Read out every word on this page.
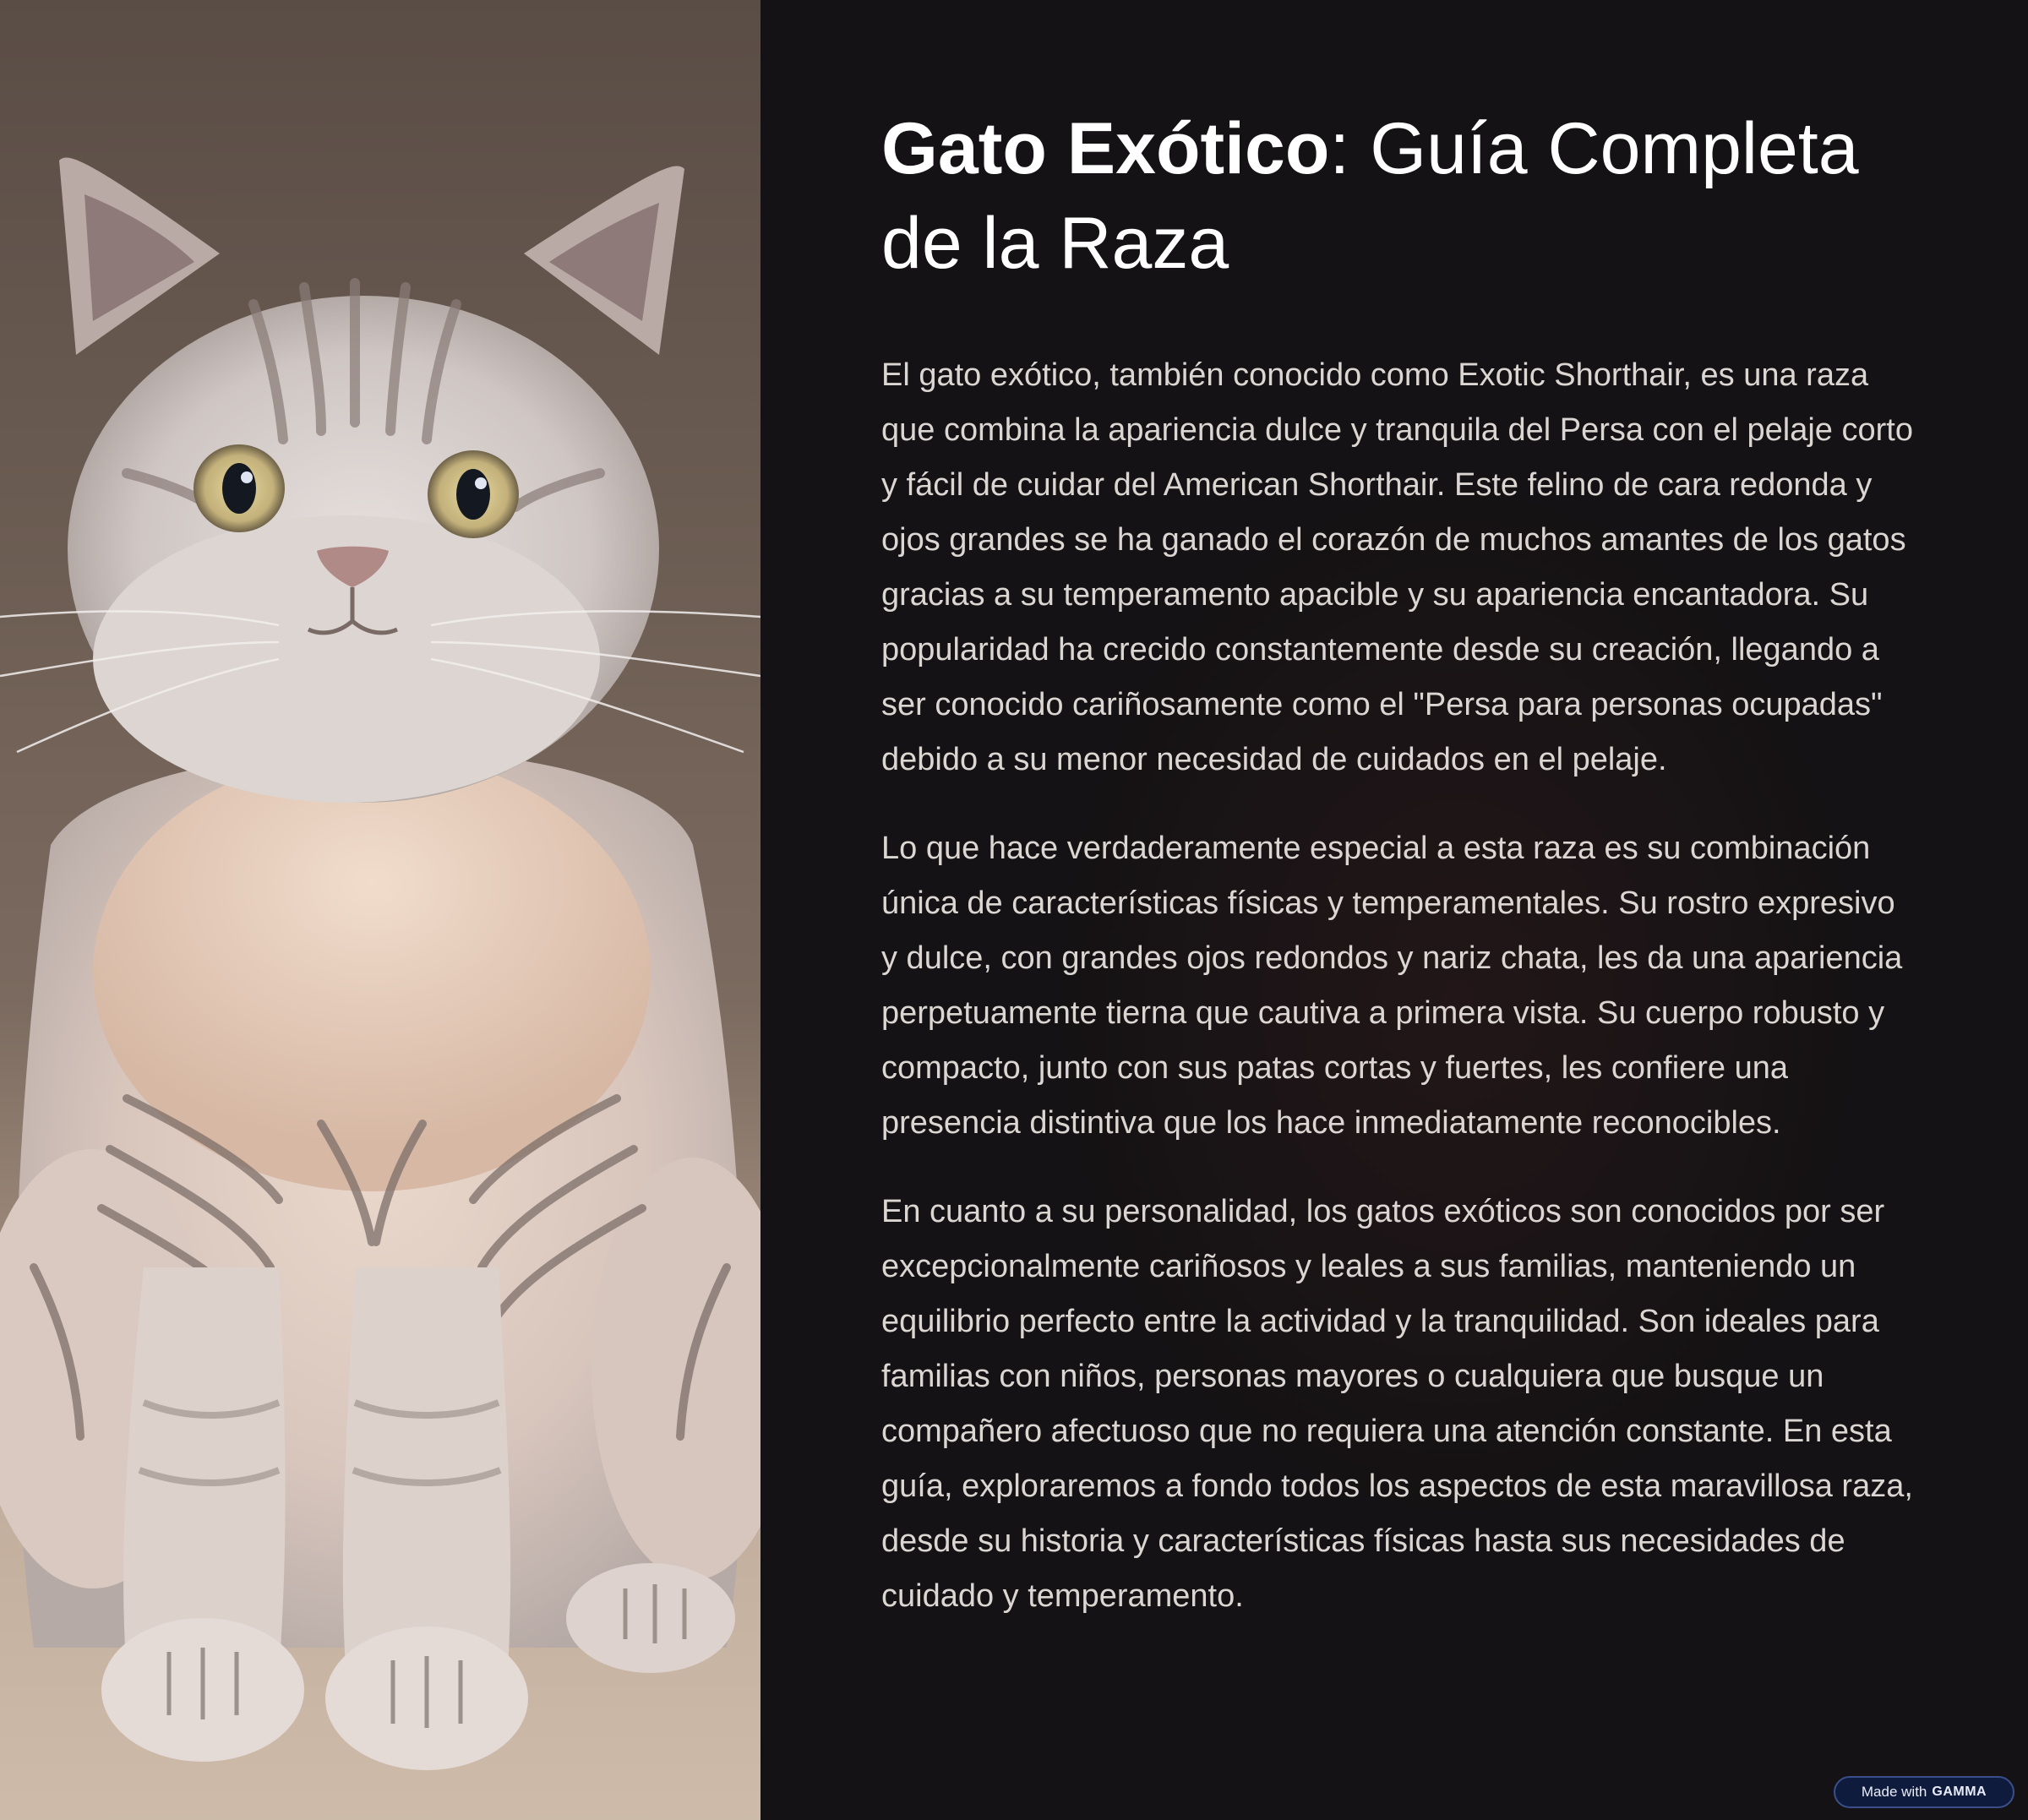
Gato Exótico: Guía Completa de la Raza

El gato exótico, también conocido como Exotic Shorthair, es una raza que combina la apariencia dulce y tranquila del Persa con el pelaje corto y fácil de cuidar del American Shorthair. Este felino de cara redonda y ojos grandes se ha ganado el corazón de muchos amantes de los gatos gracias a su temperamento apacible y su apariencia encantadora. Su popularidad ha crecido constantemente desde su creación, llegando a ser conocido cariñosamente como el "Persa para personas ocupadas" debido a su menor necesidad de cuidados en el pelaje.

Lo que hace verdaderamente especial a esta raza es su combinación única de características físicas y temperamentales. Su rostro expresivo y dulce, con grandes ojos redondos y nariz chata, les da una apariencia perpetuamente tierna que cautiva a primera vista. Su cuerpo robusto y compacto, junto con sus patas cortas y fuertes, les confiere una presencia distintiva que los hace inmediatamente reconocibles.

En cuanto a su personalidad, los gatos exóticos son conocidos por ser excepcionalmente cariñosos y leales a sus familias, manteniendo un equilibrio perfecto entre la actividad y la tranquilidad. Son ideales para familias con niños, personas mayores o cualquiera que busque un compañero afectuoso que no requiera una atención constante. En esta guía, exploraremos a fondo todos los aspectos de esta maravillosa raza, desde su historia y características físicas hasta sus necesidades de cuidado y temperamento.

Made with GAMMA
